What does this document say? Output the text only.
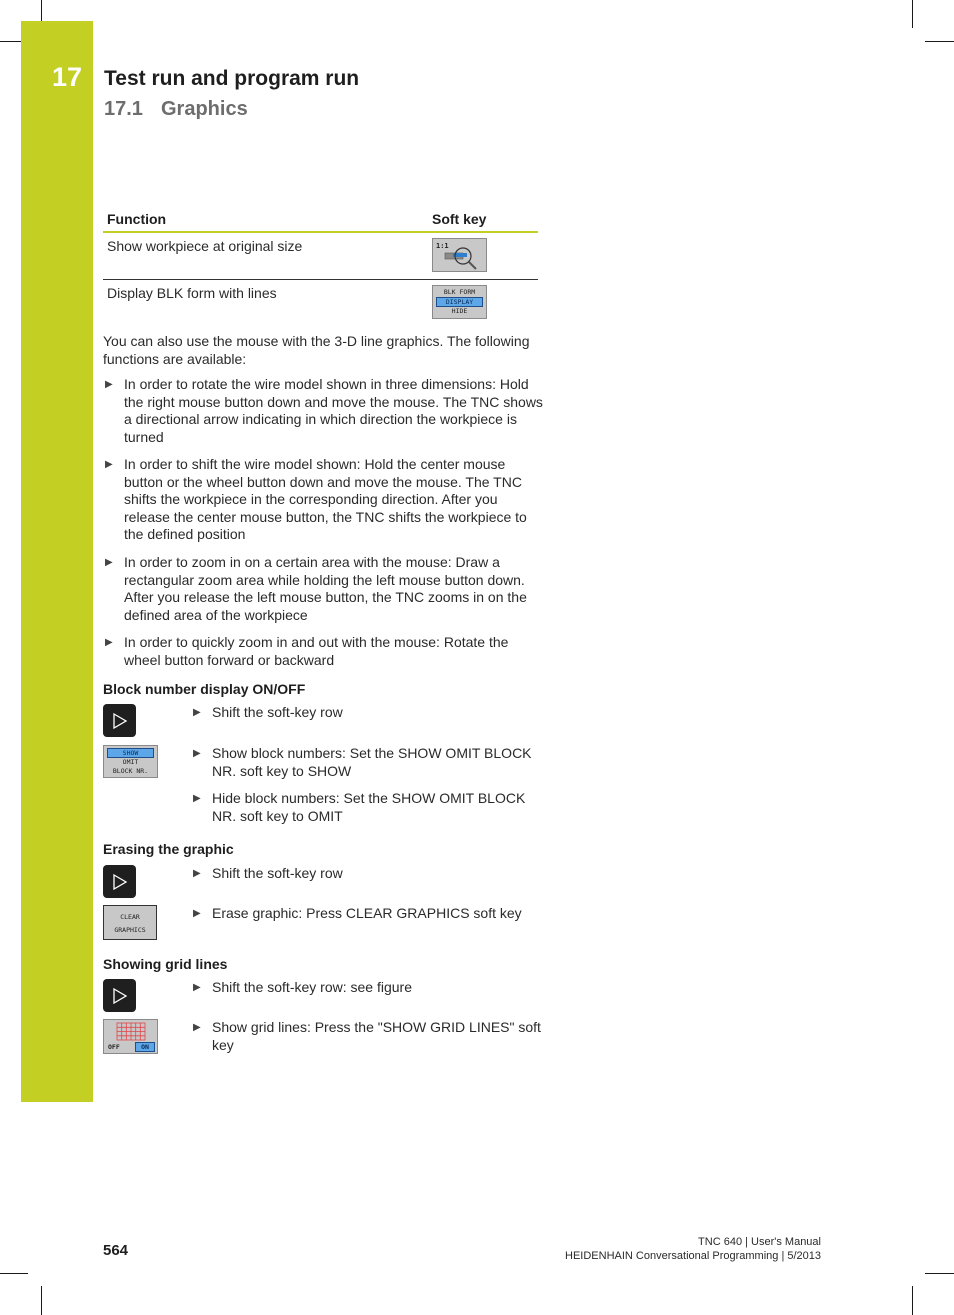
17 Test run and program run
17.1 Graphics
Function	Soft key
Show workpiece at original size	1:1
Display BLK form with lines	BLK FORM
DISPLAY
HIDE
You can also use the mouse with the 3-D line graphics. The following functions are available:
▶ In order to rotate the wire model shown in three dimensions: Hold the right mouse button down and move the mouse. The TNC shows a directional arrow indicating in which direction the workpiece is turned
▶ In order to shift the wire model shown: Hold the center mouse button or the wheel button down and move the mouse. The TNC shifts the workpiece in the corresponding direction. After you release the center mouse button, the TNC shifts the workpiece to the defined position
▶ In order to zoom in on a certain area with the mouse: Draw a rectangular zoom area while holding the left mouse button down. After you release the left mouse button, the TNC zooms in on the defined area of the workpiece
▶ In order to quickly zoom in and out with the mouse: Rotate the wheel button forward or backward
Block number display ON/OFF
SHOW
OMIT
BLOCK NR.
▶ Shift the soft-key row
▶ Show block numbers: Set the SHOW OMIT BLOCK NR. soft key to SHOW
▶ Hide block numbers: Set the SHOW OMIT BLOCK NR. soft key to OMIT
Erasing the graphic
CLEAR
GRAPHICS
▶ Shift the soft-key row
▶ Erase graphic: Press CLEAR GRAPHICS soft key
Showing grid lines
OFF	ON
▶ Shift the soft-key row: see figure
▶ Show grid lines: Press the "SHOW GRID LINES" soft key
564	TNC 640 | User's Manual
HEIDENHAIN Conversational Programming | 5/2013
